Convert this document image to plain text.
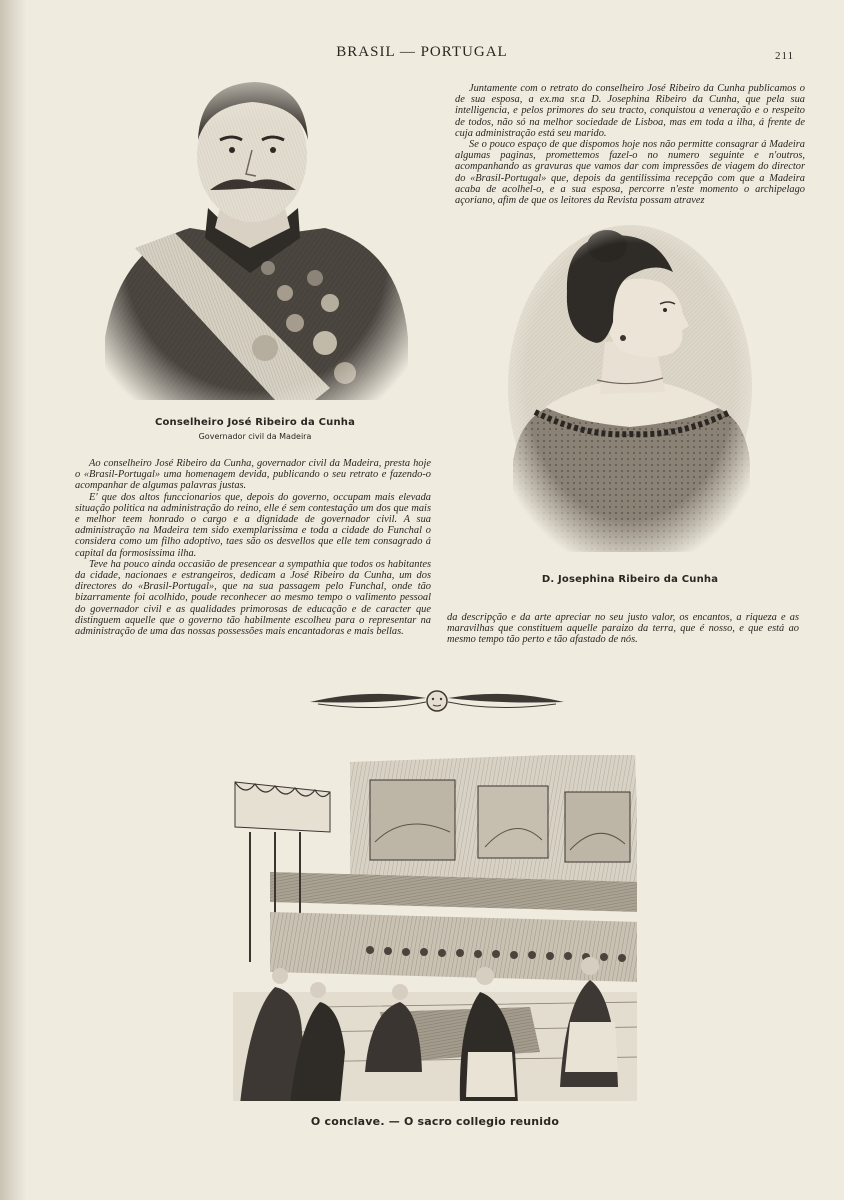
BRASIL — PORTUGAL	211

Juntamente com o retrato do conselheiro José Ribeiro da Cunha publicamos o de sua esposa, a ex.ma sr.a D. Josephina Ribeiro da Cunha, que pela sua intelligencia, e pelos primores do seu tracto, conquistou a veneração e o respeito de todos, não só na melhor sociedade de Lisboa, mas em toda a ilha, á frente de cuja administração está seu marido.

Se o pouco espaço de que dispomos hoje nos não permitte consagrar á Madeira algumas paginas, promettemos fazel-o no numero seguinte e n'outros, acompanhando as gravuras que vamos dar com impressões de viagem do director do «Brasil-Portugal» que, depois da gentilissima recepção com que a Madeira acaba de acolhel-o, e a sua esposa, percorre n'este momento o archipelago açoriano, afim de que os leitores da Revista possam atravez

Conselheiro José Ribeiro da Cunha
Governador civil da Madeira
D. Josephina Ribeiro da Cunha

Ao conselheiro José Ribeiro da Cunha, governador civil da Madeira, presta hoje o «Brasil-Portugal» uma homenagem devida, publicando o seu retrato e fazendo-o acompanhar de algumas palavras justas.

E' que dos altos funccionarios que, depois do governo, occupam mais elevada situação politica na administração do reino, elle é sem contestação um dos que mais e melhor teem honrado o cargo e a dignidade de governador civil. A sua administração na Madeira tem sido exemplarissima e toda a cidade do Funchal o considera como um filho adoptivo, taes são os desvellos que elle tem consagrado á capital da formosissima ilha.

Teve ha pouco ainda occasião de presencear a sympathia que todos os habitantes da cidade, nacionaes e estrangeiros, dedicam a José Ribeiro da Cunha, um dos directores do «Brasil-Portugal», que na sua passagem pelo Funchal, onde tão bizarramente foi acolhido, poude reconhecer ao mesmo tempo o valimento pessoal do governador civil e as qualidades primorosas de educação e de caracter que distinguem aquelle que o governo tão habilmente escolheu para o representar na administração de uma das nossas possessões mais encantadoras e mais bellas.

da descripção e da arte apreciar no seu justo valor, os encantos, a riqueza e as maravilhas que constituem aquelle paraizo da terra, que é nosso, e que está ao mesmo tempo tão perto e tão afastado de nós.

O conclave. — O sacro collegio reunido
